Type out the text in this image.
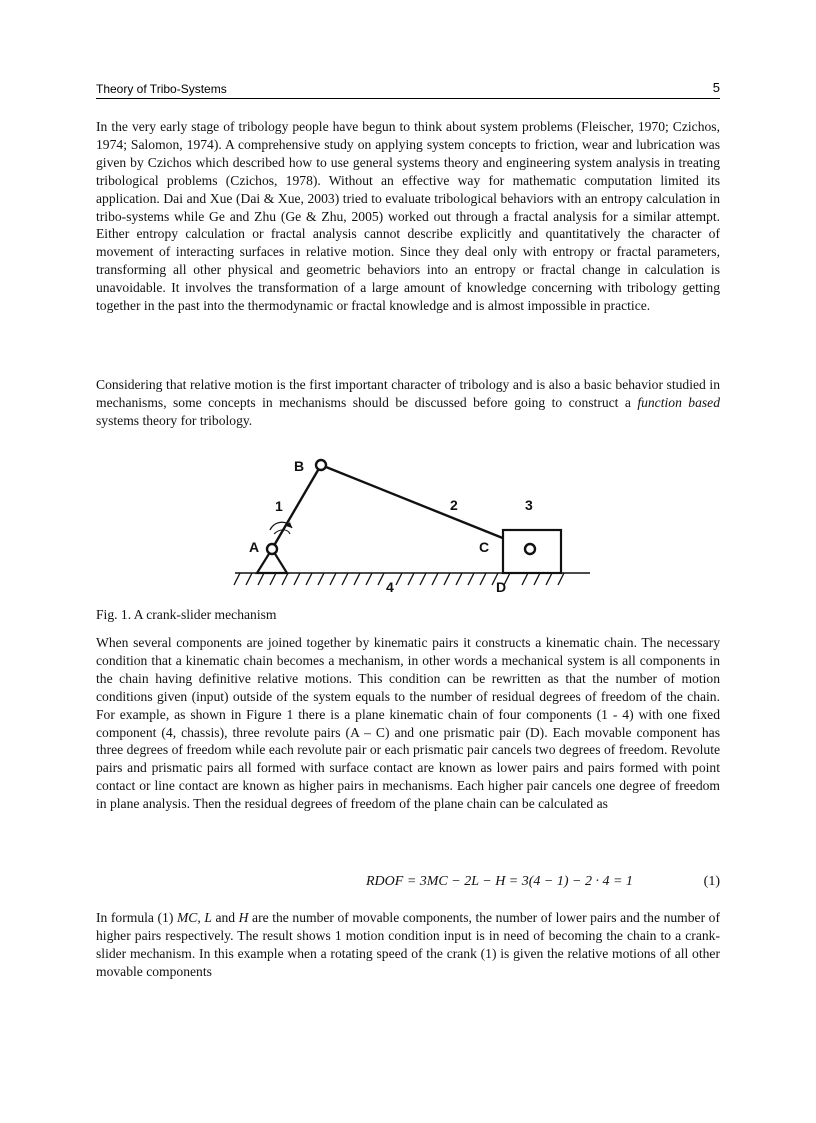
Theory of Tribo-Systems	5

In the very early stage of tribology people have begun to think about system problems (Fleischer, 1970; Czichos, 1974; Salomon, 1974). A comprehensive study on applying system concepts to friction, wear and lubrication was given by Czichos which described how to use general systems theory and engineering system analysis in treating tribological problems (Czichos, 1978). Without an effective way for mathematic computation limited its application. Dai and Xue (Dai & Xue, 2003) tried to evaluate tribological behaviors with an entropy calculation in tribo-systems while Ge and Zhu (Ge & Zhu, 2005) worked out through a fractal analysis for a similar attempt. Either entropy calculation or fractal analysis cannot describe explicitly and quantitatively the character of movement of interacting surfaces in relative motion. Since they deal only with entropy or fractal parameters, transforming all other physical and geometric behaviors into an entropy or fractal change in calculation is unavoidable. It involves the transformation of a large amount of knowledge concerning with tribology getting together in the past into the thermodynamic or fractal knowledge and is almost impossible in practice.

Considering that relative motion is the first important character of tribology and is also a basic behavior studied in mechanisms, some concepts in mechanisms should be discussed before going to construct a function based systems theory for tribology.

B
1
A
2	3
C
4	D
Fig. 1. A crank-slider mechanism

When several components are joined together by kinematic pairs it constructs a kinematic chain. The necessary condition that a kinematic chain becomes a mechanism, in other words a mechanical system is all components in the chain having definitive relative motions. This condition can be rewritten as that the number of motion conditions given (input) outside of the system equals to the number of residual degrees of freedom of the chain. For example, as shown in Figure 1 there is a plane kinematic chain of four components (1 - 4) with one fixed component (4, chassis), three revolute pairs (A – C) and one prismatic pair (D). Each movable component has three degrees of freedom while each revolute pair or each prismatic pair cancels two degrees of freedom. Revolute pairs and prismatic pairs all formed with surface contact are known as lower pairs and pairs formed with point contact or line contact are known as higher pairs in mechanisms. Each higher pair cancels one degree of freedom in plane analysis. Then the residual degrees of freedom of the plane chain can be calculated as

RDOF = 3MC − 2L − H = 3(4 − 1) − 2 · 4 = 1	(1)

In formula (1) MC, L and H are the number of movable components, the number of lower pairs and the number of higher pairs respectively. The result shows 1 motion condition input is in need of becoming the chain to a crank-slider mechanism. In this example when a rotating speed of the crank (1) is given the relative motions of all other movable components
